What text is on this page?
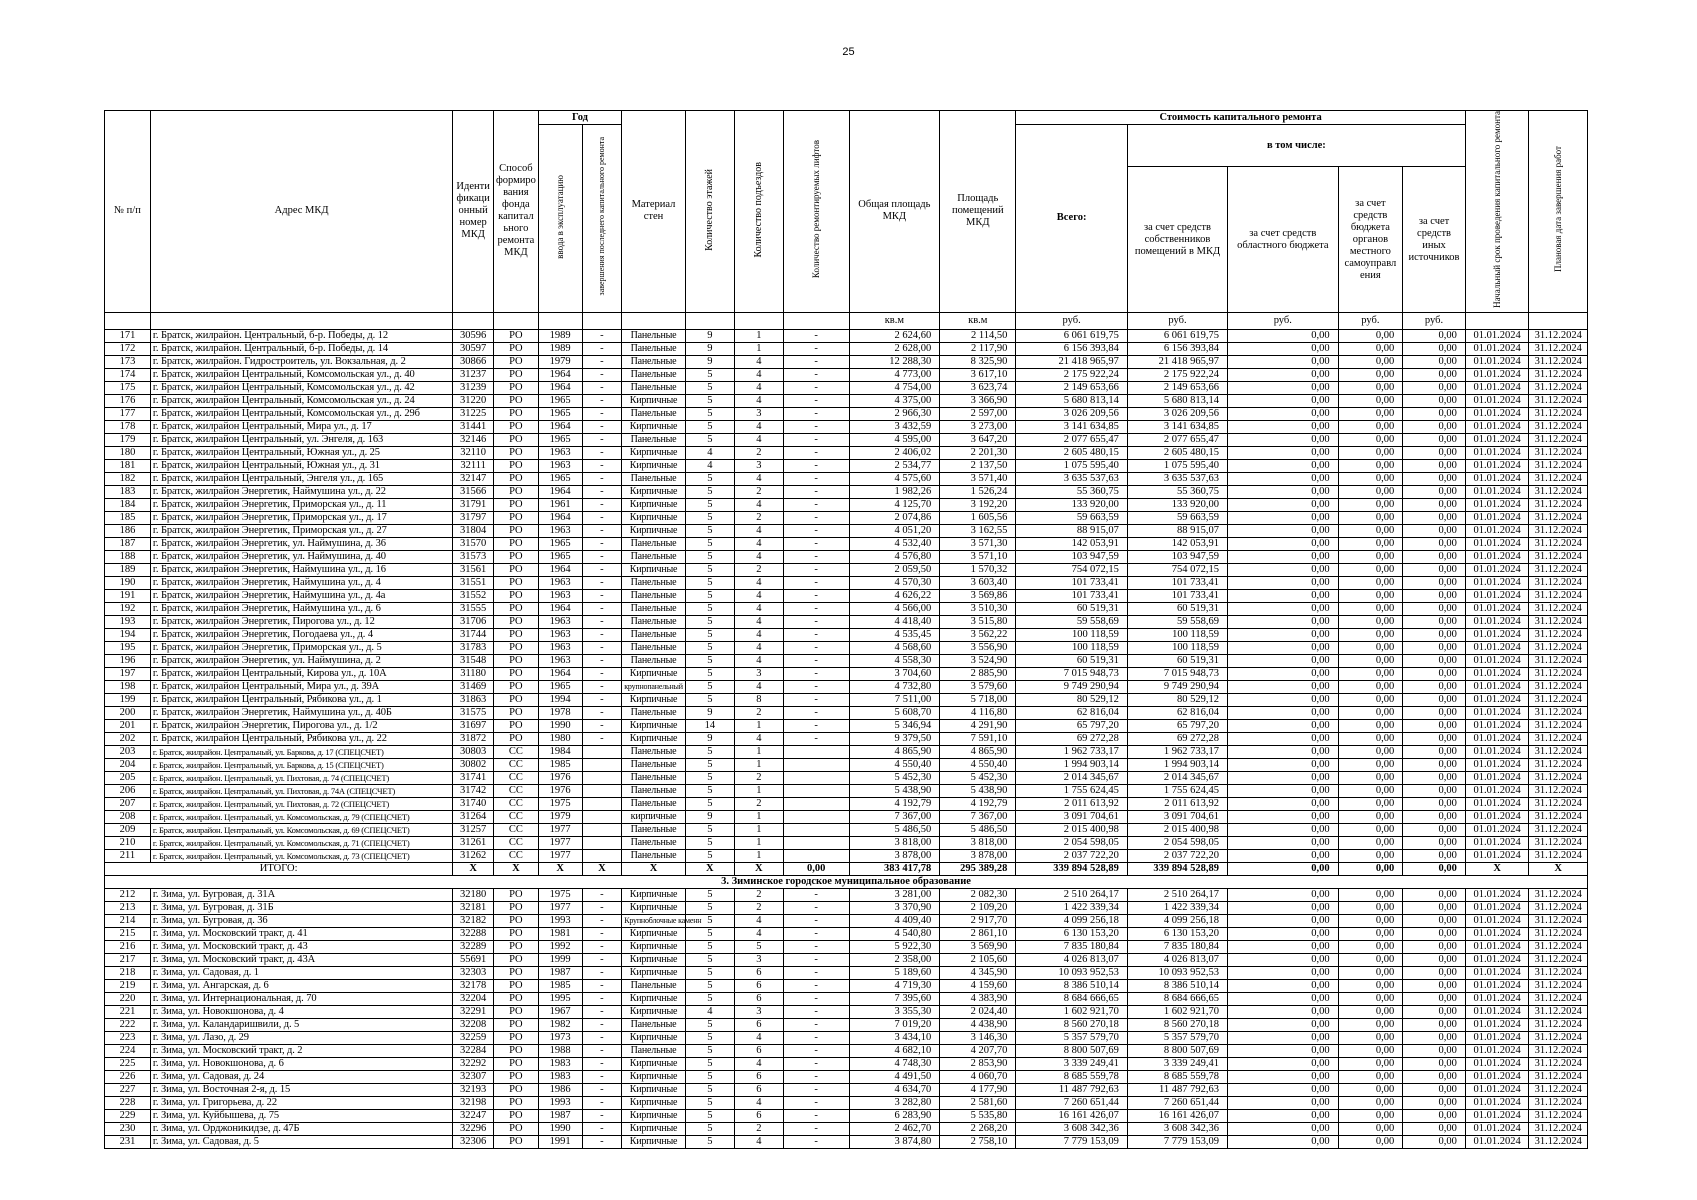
25
№ п/п	Адрес МКД	Иденти фикаци онный номер МКД	Способ формиро вания фонда капитал ьного ремонта МКД	Год		Материал стен	Количество этажей	Количество подъездов	Количество ремонтируемых лифтов	Общая площадь МКД	Площадь помещений МКД	Стоимость капитального ремонта					Начальный срок проведения капитального ремонта	Плановая дата завершения работ
				ввода в эксплуатацию	завершения последнего капитального ремонта							Всего:	в том числе:					
													за счет средств собственников помещений в МКД	за счет средств областного бюджета	за счет средств бюджета органов местного самоуправл ения	за счет средств иных источников		
										кв.м	кв.м	руб.	руб.	руб.	руб.	руб.		
171	г. Братск, жилрайон. Центральный, б-р. Победы, д. 12	30596	РО	1989	-	Панельные	9	1	-	2 624,60	2 114,50	6 061 619,75	6 061 619,75	0,00	0,00	0,00	01.01.2024	31.12.2024
172	г. Братск, жилрайон. Центральный, б-р. Победы, д. 14	30597	РО	1989	-	Панельные	9	1	-	2 628,00	2 117,90	6 156 393,84	6 156 393,84	0,00	0,00	0,00	01.01.2024	31.12.2024
173	г. Братск, жилрайон. Гидростроитель, ул. Вокзальная, д. 2	30866	РО	1979	-	Панельные	9	4	-	12 288,30	8 325,90	21 418 965,97	21 418 965,97	0,00	0,00	0,00	01.01.2024	31.12.2024
174	г. Братск, жилрайон Центральный, Комсомольская ул., д. 40	31237	РО	1964	-	Панельные	5	4	-	4 773,00	3 617,10	2 175 922,24	2 175 922,24	0,00	0,00	0,00	01.01.2024	31.12.2024
175	г. Братск, жилрайон Центральный, Комсомольская ул., д. 42	31239	РО	1964	-	Панельные	5	4	-	4 754,00	3 623,74	2 149 653,66	2 149 653,66	0,00	0,00	0,00	01.01.2024	31.12.2024
176	г. Братск, жилрайон Центральный, Комсомольская ул., д. 24	31220	РО	1965	-	Кирпичные	5	4	-	4 375,00	3 366,90	5 680 813,14	5 680 813,14	0,00	0,00	0,00	01.01.2024	31.12.2024
177	г. Братск, жилрайон Центральный, Комсомольская ул., д. 29б	31225	РО	1965	-	Панельные	5	3	-	2 966,30	2 597,00	3 026 209,56	3 026 209,56	0,00	0,00	0,00	01.01.2024	31.12.2024
178	г. Братск, жилрайон Центральный, Мира ул., д. 17	31441	РО	1964	-	Кирпичные	5	4	-	3 432,59	3 273,00	3 141 634,85	3 141 634,85	0,00	0,00	0,00	01.01.2024	31.12.2024
179	г. Братск, жилрайон Центральный, ул. Энгеля, д. 163	32146	РО	1965	-	Панельные	5	4	-	4 595,00	3 647,20	2 077 655,47	2 077 655,47	0,00	0,00	0,00	01.01.2024	31.12.2024
180	г. Братск, жилрайон Центральный, Южная ул., д. 25	32110	РО	1963	-	Кирпичные	4	2	-	2 406,02	2 201,30	2 605 480,15	2 605 480,15	0,00	0,00	0,00	01.01.2024	31.12.2024
181	г. Братск, жилрайон Центральный, Южная ул., д. 31	32111	РО	1963	-	Кирпичные	4	3	-	2 534,77	2 137,50	1 075 595,40	1 075 595,40	0,00	0,00	0,00	01.01.2024	31.12.2024
182	г. Братск, жилрайон Центральный, Энгеля ул., д. 165	32147	РО	1965	-	Панельные	5	4	-	4 575,60	3 571,40	3 635 537,63	3 635 537,63	0,00	0,00	0,00	01.01.2024	31.12.2024
183	г. Братск, жилрайон Энергетик, Наймушина ул., д. 22	31566	РО	1964	-	Кирпичные	5	2	-	1 982,26	1 526,24	55 360,75	55 360,75	0,00	0,00	0,00	01.01.2024	31.12.2024
184	г. Братск, жилрайон Энергетик, Приморская ул., д. 11	31791	РО	1961	-	Кирпичные	5	4	-	4 125,70	3 192,20	133 920,00	133 920,00	0,00	0,00	0,00	01.01.2024	31.12.2024
185	г. Братск, жилрайон Энергетик, Приморская ул., д. 17	31797	РО	1964	-	Кирпичные	5	2	-	2 074,86	1 605,56	59 663,59	59 663,59	0,00	0,00	0,00	01.01.2024	31.12.2024
186	г. Братск, жилрайон Энергетик, Приморская ул., д. 27	31804	РО	1963	-	Кирпичные	5	4	-	4 051,20	3 162,55	88 915,07	88 915,07	0,00	0,00	0,00	01.01.2024	31.12.2024
187	г. Братск, жилрайон Энергетик, ул. Наймушина, д. 36	31570	РО	1965	-	Панельные	5	4	-	4 532,40	3 571,30	142 053,91	142 053,91	0,00	0,00	0,00	01.01.2024	31.12.2024
188	г. Братск, жилрайон Энергетик, ул. Наймушина, д. 40	31573	РО	1965	-	Панельные	5	4	-	4 576,80	3 571,10	103 947,59	103 947,59	0,00	0,00	0,00	01.01.2024	31.12.2024
189	г. Братск, жилрайон Энергетик, Наймушина ул., д. 16	31561	РО	1964	-	Кирпичные	5	2	-	2 059,50	1 570,32	754 072,15	754 072,15	0,00	0,00	0,00	01.01.2024	31.12.2024
190	г. Братск, жилрайон Энергетик, Наймушина ул., д. 4	31551	РО	1963	-	Панельные	5	4	-	4 570,30	3 603,40	101 733,41	101 733,41	0,00	0,00	0,00	01.01.2024	31.12.2024
191	г. Братск, жилрайон Энергетик, Наймушина ул., д. 4а	31552	РО	1963	-	Панельные	5	4	-	4 626,22	3 569,86	101 733,41	101 733,41	0,00	0,00	0,00	01.01.2024	31.12.2024
192	г. Братск, жилрайон Энергетик, Наймушина ул., д. 6	31555	РО	1964	-	Панельные	5	4	-	4 566,00	3 510,30	60 519,31	60 519,31	0,00	0,00	0,00	01.01.2024	31.12.2024
193	г. Братск, жилрайон Энергетик, Пирогова ул., д. 12	31706	РО	1963	-	Панельные	5	4	-	4 418,40	3 515,80	59 558,69	59 558,69	0,00	0,00	0,00	01.01.2024	31.12.2024
194	г. Братск, жилрайон Энергетик, Погодаева ул., д. 4	31744	РО	1963	-	Панельные	5	4	-	4 535,45	3 562,22	100 118,59	100 118,59	0,00	0,00	0,00	01.01.2024	31.12.2024
195	г. Братск, жилрайон Энергетик, Приморская ул., д. 5	31783	РО	1963	-	Панельные	5	4	-	4 568,60	3 556,90	100 118,59	100 118,59	0,00	0,00	0,00	01.01.2024	31.12.2024
196	г. Братск, жилрайон Энергетик, ул. Наймушина, д. 2	31548	РО	1963	-	Панельные	5	4	-	4 558,30	3 524,90	60 519,31	60 519,31	0,00	0,00	0,00	01.01.2024	31.12.2024
197	г. Братск, жилрайон Центральный, Кирова ул., д. 10А	31180	РО	1964	-	Кирпичные	5	3	-	3 704,60	2 885,90	7 015 948,73	7 015 948,73	0,00	0,00	0,00	01.01.2024	31.12.2024
198	г. Братск, жилрайон Центральный, Мира ул., д. 39А	31469	РО	1965	-	крупнопанельный	5	4	-	4 732,80	3 579,60	9 749 290,94	9 749 290,94	0,00	0,00	0,00	01.01.2024	31.12.2024
199	г. Братск, жилрайон Центральный, Рябикова ул., д. 1	31863	РО	1994	-	Кирпичные	5	8	-	7 511,00	5 718,00	80 529,12	80 529,12	0,00	0,00	0,00	01.01.2024	31.12.2024
200	г. Братск, жилрайон Энергетик, Наймушина ул., д. 40Б	31575	РО	1978	-	Панельные	9	2	-	5 608,70	4 116,80	62 816,04	62 816,04	0,00	0,00	0,00	01.01.2024	31.12.2024
201	г. Братск, жилрайон Энергетик, Пирогова ул., д. 1/2	31697	РО	1990	-	Кирпичные	14	1	-	5 346,94	4 291,90	65 797,20	65 797,20	0,00	0,00	0,00	01.01.2024	31.12.2024
202	г. Братск, жилрайон Центральный, Рябикова ул., д. 22	31872	РО	1980	-	Кирпичные	9	4	-	9 379,50	7 591,10	69 272,28	69 272,28	0,00	0,00	0,00	01.01.2024	31.12.2024
203	г. Братск, жилрайон. Центральный, ул. Баркова, д. 17 (СПЕЦСЧЕТ)	30803	СС	1984		Панельные	5	1		4 865,90	4 865,90	1 962 733,17	1 962 733,17	0,00	0,00	0,00	01.01.2024	31.12.2024
204	г. Братск, жилрайон. Центральный, ул. Баркова, д. 15 (СПЕЦСЧЕТ)	30802	СС	1985		Панельные	5	1		4 550,40	4 550,40	1 994 903,14	1 994 903,14	0,00	0,00	0,00	01.01.2024	31.12.2024
205	г. Братск, жилрайон. Центральный, ул. Пихтовая, д. 74 (СПЕЦСЧЕТ)	31741	СС	1976		Панельные	5	2		5 452,30	5 452,30	2 014 345,67	2 014 345,67	0,00	0,00	0,00	01.01.2024	31.12.2024
206	г. Братск, жилрайон. Центральный, ул. Пихтовая, д. 74А (СПЕЦСЧЕТ)	31742	СС	1976		Панельные	5	1		5 438,90	5 438,90	1 755 624,45	1 755 624,45	0,00	0,00	0,00	01.01.2024	31.12.2024
207	г. Братск, жилрайон. Центральный, ул. Пихтовая, д. 72 (СПЕЦСЧЕТ)	31740	СС	1975		Панельные	5	2		4 192,79	4 192,79	2 011 613,92	2 011 613,92	0,00	0,00	0,00	01.01.2024	31.12.2024
208	г. Братск, жилрайон. Центральный, ул. Комсомольская, д. 79 (СПЕЦСЧЕТ)	31264	СС	1979		кирпичные	9	1		7 367,00	7 367,00	3 091 704,61	3 091 704,61	0,00	0,00	0,00	01.01.2024	31.12.2024
209	г. Братск, жилрайон. Центральный, ул. Комсомольская, д. 69 (СПЕЦСЧЕТ)	31257	СС	1977		Панельные	5	1		5 486,50	5 486,50	2 015 400,98	2 015 400,98	0,00	0,00	0,00	01.01.2024	31.12.2024
210	г. Братск, жилрайон. Центральный, ул. Комсомольская, д. 71 (СПЕЦСЧЕТ)	31261	СС	1977		Панельные	5	1		3 818,00	3 818,00	2 054 598,05	2 054 598,05	0,00	0,00	0,00	01.01.2024	31.12.2024
211	г. Братск, жилрайон. Центральный, ул. Комсомольская, д. 73 (СПЕЦСЧЕТ)	31262	СС	1977		Панельные	5	1		3 878,00	3 878,00	2 037 722,20	2 037 722,20	0,00	0,00	0,00	01.01.2024	31.12.2024
ИТОГО:		X	X	X	X	X	X	X	0,00	383 417,78	295 389,28	339 894 528,89	339 894 528,89	0,00	0,00	0,00	X	X
3. Зиминское городское муниципальное образование																		
212	г. Зима, ул. Бугровая, д. 31А	32180	РО	1975	-	Кирпичные	5	2	-	3 281,00	2 082,30	2 510 264,17	2 510 264,17	0,00	0,00	0,00	01.01.2024	31.12.2024
213	г. Зима, ул. Бугровая, д. 31Б	32181	РО	1977	-	Кирпичные	5	2	-	3 370,90	2 109,20	1 422 339,34	1 422 339,34	0,00	0,00	0,00	01.01.2024	31.12.2024
214	г. Зима, ул. Бугровая, д. 36	32182	РО	1993	-	Крупноблочные каменн	5	4	-	4 409,40	2 917,70	4 099 256,18	4 099 256,18	0,00	0,00	0,00	01.01.2024	31.12.2024
215	г. Зима, ул. Московский тракт, д. 41	32288	РО	1981	-	Кирпичные	5	4	-	4 540,80	2 861,10	6 130 153,20	6 130 153,20	0,00	0,00	0,00	01.01.2024	31.12.2024
216	г. Зима, ул. Московский тракт, д. 43	32289	РО	1992	-	Кирпичные	5	5	-	5 922,30	3 569,90	7 835 180,84	7 835 180,84	0,00	0,00	0,00	01.01.2024	31.12.2024
217	г. Зима, ул. Московский тракт, д. 43А	55691	РО	1999	-	Кирпичные	5	3	-	2 358,00	2 105,60	4 026 813,07	4 026 813,07	0,00	0,00	0,00	01.01.2024	31.12.2024
218	г. Зима, ул. Садовая, д. 1	32303	РО	1987	-	Кирпичные	5	6	-	5 189,60	4 345,90	10 093 952,53	10 093 952,53	0,00	0,00	0,00	01.01.2024	31.12.2024
219	г. Зима, ул. Ангарская, д. 6	32178	РО	1985	-	Панельные	5	6	-	4 719,30	4 159,60	8 386 510,14	8 386 510,14	0,00	0,00	0,00	01.01.2024	31.12.2024
220	г. Зима, ул. Интернациональная, д. 70	32204	РО	1995	-	Кирпичные	5	6	-	7 395,60	4 383,90	8 684 666,65	8 684 666,65	0,00	0,00	0,00	01.01.2024	31.12.2024
221	г. Зима, ул. Новокшонова, д. 4	32291	РО	1967	-	Кирпичные	4	3	-	3 355,30	2 024,40	1 602 921,70	1 602 921,70	0,00	0,00	0,00	01.01.2024	31.12.2024
222	г. Зима, ул. Каландаришвили, д. 5	32208	РО	1982	-	Панельные	5	6	-	7 019,20	4 438,90	8 560 270,18	8 560 270,18	0,00	0,00	0,00	01.01.2024	31.12.2024
223	г. Зима, ул. Лазо, д. 29	32259	РО	1973	-	Кирпичные	5	4	-	3 434,10	3 146,30	5 357 579,70	5 357 579,70	0,00	0,00	0,00	01.01.2024	31.12.2024
224	г. Зима, ул. Московский тракт, д. 2	32284	РО	1988	-	Панельные	5	6	-	4 682,10	4 207,70	8 800 507,69	8 800 507,69	0,00	0,00	0,00	01.01.2024	31.12.2024
225	г. Зима, ул. Новокшонова, д. 6	32292	РО	1983	-	Кирпичные	5	4	-	4 748,30	2 853,90	3 339 249,41	3 339 249,41	0,00	0,00	0,00	01.01.2024	31.12.2024
226	г. Зима, ул. Садовая, д. 24	32307	РО	1983	-	Кирпичные	5	6	-	4 491,50	4 060,70	8 685 559,78	8 685 559,78	0,00	0,00	0,00	01.01.2024	31.12.2024
227	г. Зима, ул. Восточная 2-я, д. 15	32193	РО	1986	-	Кирпичные	5	6	-	4 634,70	4 177,90	11 487 792,63	11 487 792,63	0,00	0,00	0,00	01.01.2024	31.12.2024
228	г. Зима, ул. Григорьева, д. 22	32198	РО	1993	-	Кирпичные	5	4	-	3 282,80	2 581,60	7 260 651,44	7 260 651,44	0,00	0,00	0,00	01.01.2024	31.12.2024
229	г. Зима, ул. Куйбышева, д. 75	32247	РО	1987	-	Кирпичные	5	6	-	6 283,90	5 535,80	16 161 426,07	16 161 426,07	0,00	0,00	0,00	01.01.2024	31.12.2024
230	г. Зима, ул. Орджоникидзе, д. 47Б	32296	РО	1990	-	Кирпичные	5	2	-	2 462,70	2 268,20	3 608 342,36	3 608 342,36	0,00	0,00	0,00	01.01.2024	31.12.2024
231	г. Зима, ул. Садовая, д. 5	32306	РО	1991	-	Кирпичные	5	4	-	3 874,80	2 758,10	7 779 153,09	7 779 153,09	0,00	0,00	0,00	01.01.2024	31.12.2024
